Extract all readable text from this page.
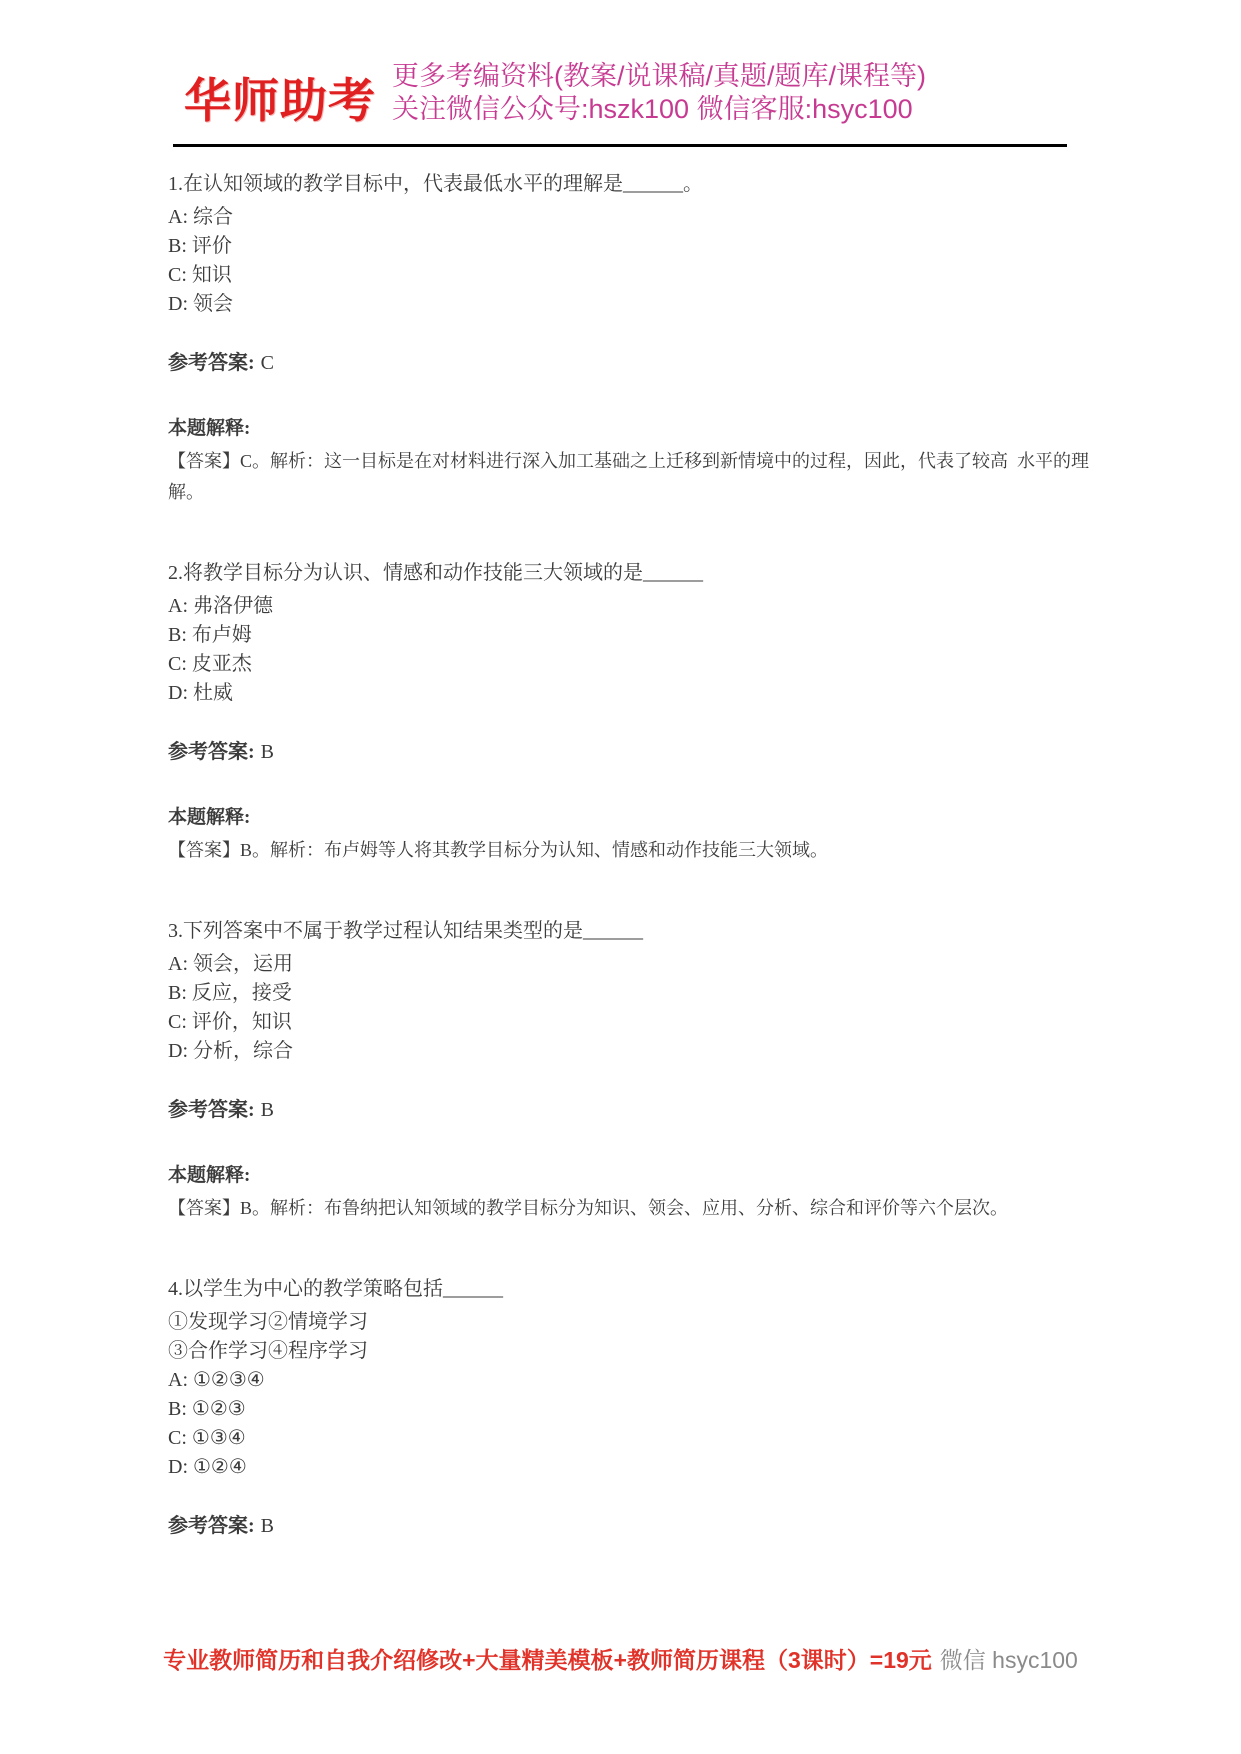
华师助考 更多考编资料(教案/说课稿/真题/题库/课程等)
关注微信公众号:hszk100 微信客服:hsyc100
1.在认知领域的教学目标中，代表最低水平的理解是______。
A: 综合
B: 评价
C: 知识
D: 领会
参考答案: C
本题解释:
【答案】C。解析：这一目标是在对材料进行深入加工基础之上迁移到新情境中的过程，因此，代表了较高  水平的理解。
2.将教学目标分为认识、情感和动作技能三大领域的是______
A: 弗洛伊德
B: 布卢姆
C: 皮亚杰
D: 杜威
参考答案: B
本题解释:
【答案】B。解析：布卢姆等人将其教学目标分为认知、情感和动作技能三大领域。
3.下列答案中不属于教学过程认知结果类型的是______
A: 领会，运用
B: 反应，接受
C: 评价，知识
D: 分析，综合
参考答案: B
本题解释:
【答案】B。解析：布鲁纳把认知领域的教学目标分为知识、领会、应用、分析、综合和评价等六个层次。
4.以学生为中心的教学策略包括______
①发现学习②情境学习
③合作学习④程序学习
A: ①②③④
B: ①②③
C: ①③④
D: ①②④
参考答案: B
专业教师简历和自我介绍修改+大量精美模板+教师简历课程（3课时）=19元 微信 hsyc100
